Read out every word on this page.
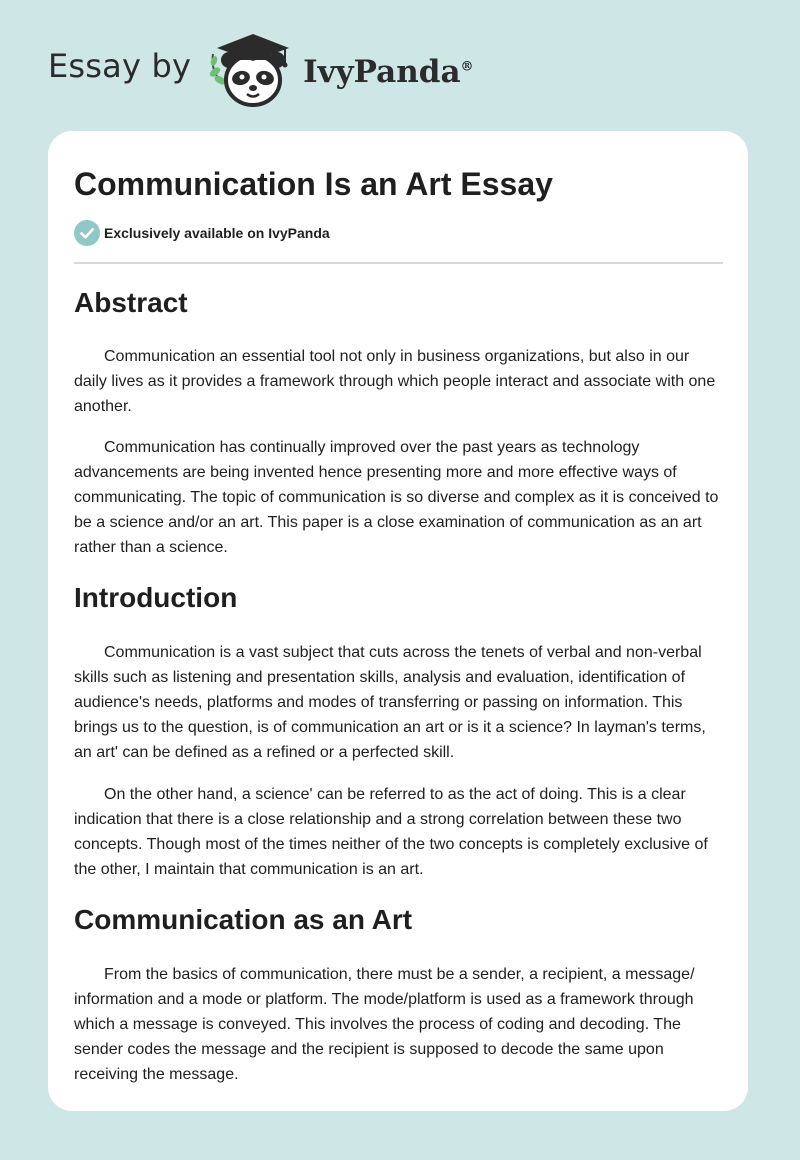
Essay by	IvyPanda®
Communication Is an Art Essay
Exclusively available on IvyPanda
Abstract

Communication an essential tool not only in business organizations, but also in our daily lives as it provides a framework through which people interact and associate with one another.

Communication has continually improved over the past years as technology advancements are being invented hence presenting more and more effective ways of communicating. The topic of communication is so diverse and complex as it is conceived to be a science and/or an art. This paper is a close examination of communication as an art rather than a science.

Introduction

Communication is a vast subject that cuts across the tenets of verbal and non-verbal skills such as listening and presentation skills, analysis and evaluation, identification of audience's needs, platforms and modes of transferring or passing on information. This brings us to the question, is of communication an art or is it a science? In layman's terms, an art' can be defined as a refined or a perfected skill.

On the other hand, a science' can be referred to as the act of doing. This is a clear indication that there is a close relationship and a strong correlation between these two concepts. Though most of the times neither of the two concepts is completely exclusive of the other, I maintain that communication is an art.

Communication as an Art

From the basics of communication, there must be a sender, a recipient, a message/ information and a mode or platform. The mode/platform is used as a framework through which a message is conveyed. This involves the process of coding and decoding. The sender codes the message and the recipient is supposed to decode the same upon receiving the message.
